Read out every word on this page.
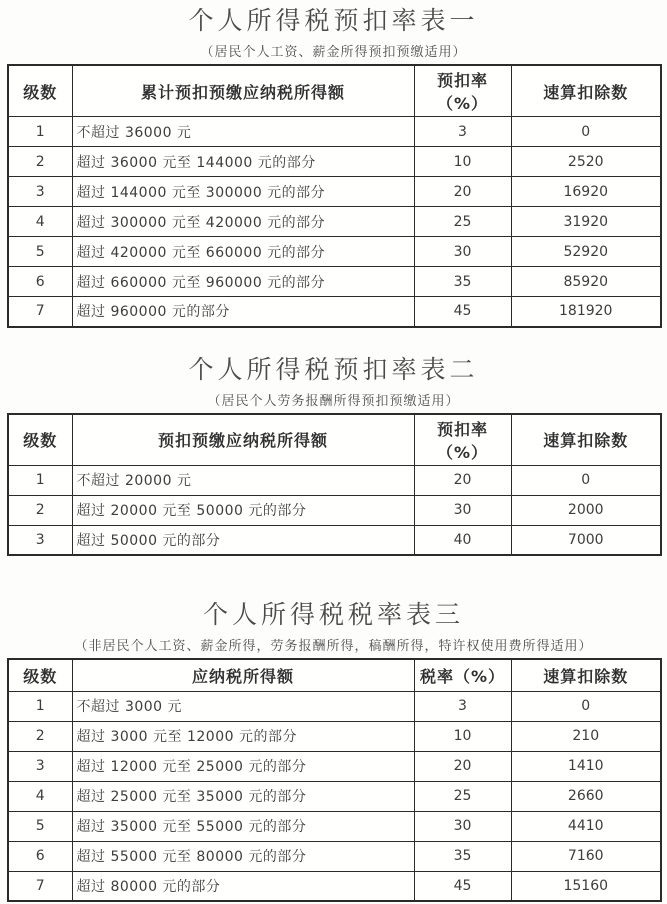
个人所得税预扣率表一
（居民个人工资、薪金所得预扣预缴适用）
级数	累计预扣预缴应纳税所得额	预扣率（%）	速算扣除数
1	不超过 36000 元	3	0
2	超过 36000 元至 144000 元的部分	10	2520
3	超过 144000 元至 300000 元的部分	20	16920
4	超过 300000 元至 420000 元的部分	25	31920
5	超过 420000 元至 660000 元的部分	30	52920
6	超过 660000 元至 960000 元的部分	35	85920
7	超过 960000 元的部分	45	181920
个人所得税预扣率表二
（居民个人劳务报酬所得预扣预缴适用）
级数	预扣预缴应纳税所得额	预扣率（%）	速算扣除数
1	不超过 20000 元	20	0
2	超过 20000 元至 50000 元的部分	30	2000
3	超过 50000 元的部分	40	7000
个人所得税税率表三
（非居民个人工资、薪金所得，劳务报酬所得，稿酬所得，特许权使用费所得适用）
级数	应纳税所得额	税率（%）	速算扣除数
1	不超过 3000 元	3	0
2	超过 3000 元至 12000 元的部分	10	210
3	超过 12000 元至 25000 元的部分	20	1410
4	超过 25000 元至 35000 元的部分	25	2660
5	超过 35000 元至 55000 元的部分	30	4410
6	超过 55000 元至 80000 元的部分	35	7160
7	超过 80000 元的部分	45	15160
